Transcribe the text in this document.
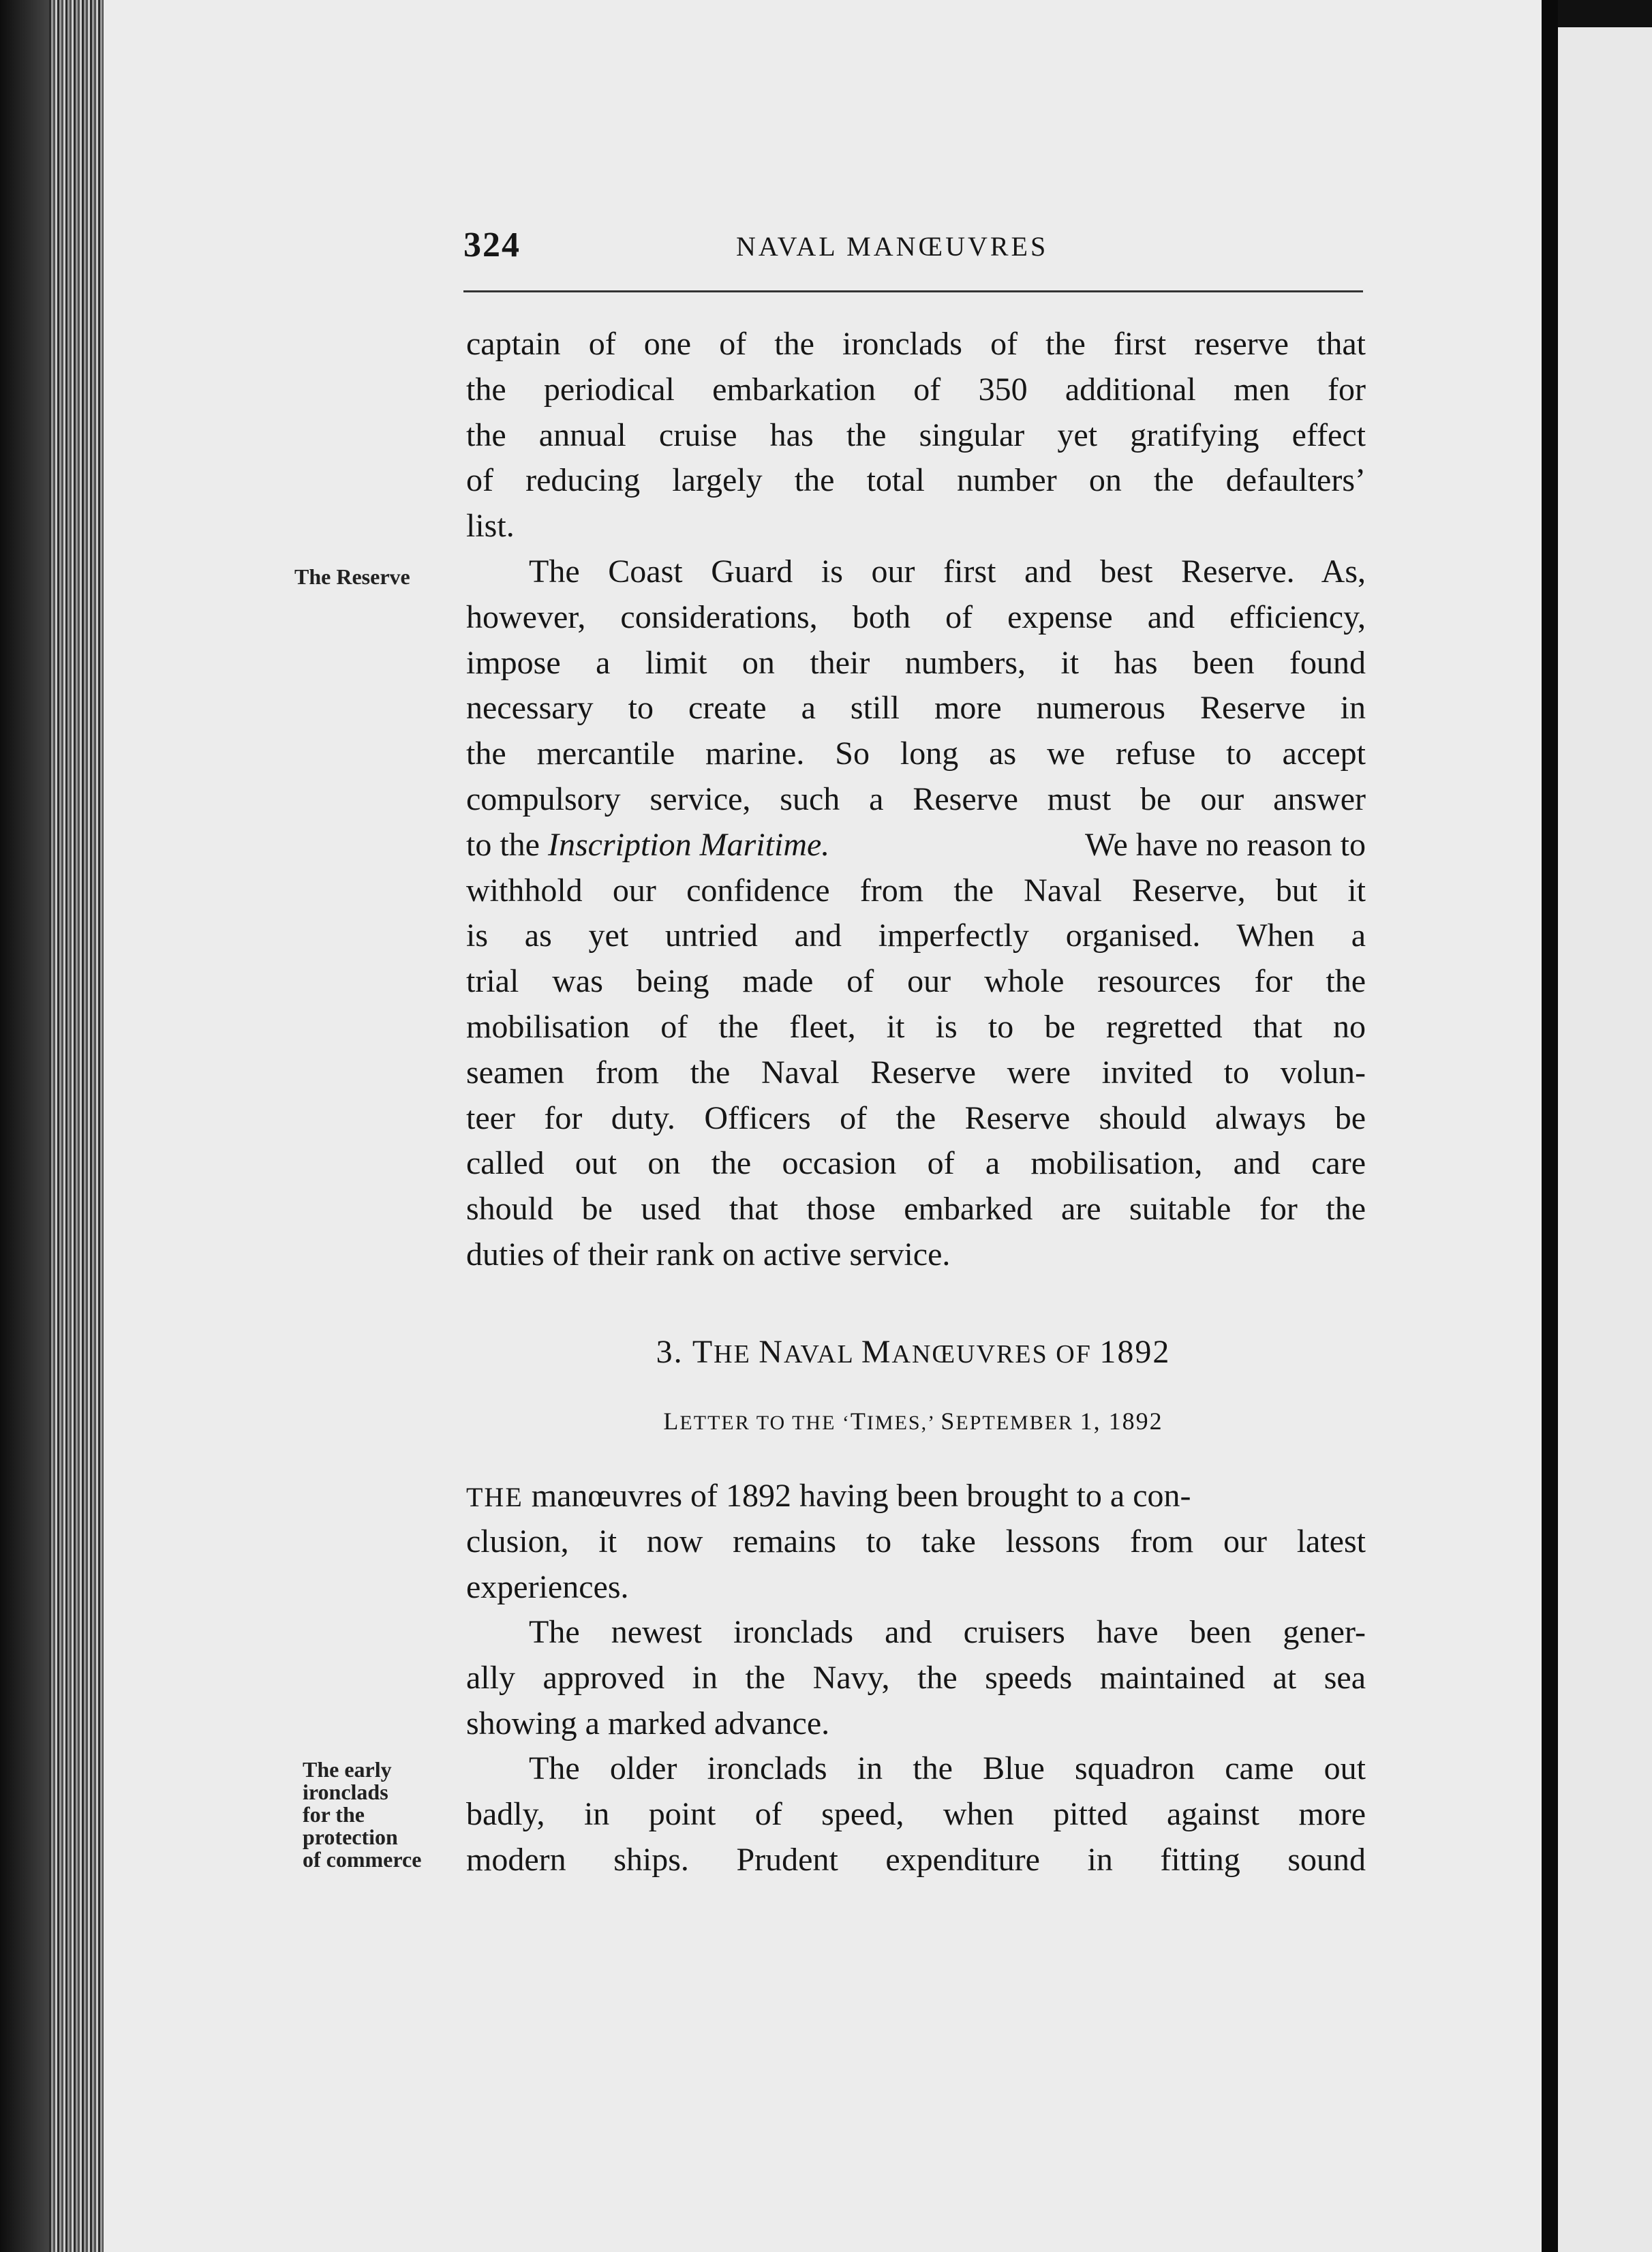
324	NAVAL MANŒUVRES
captain of one of the ironclads of the first reserve that
the periodical embarkation of 350 additional men for
the annual cruise has the singular yet gratifying effect
of reducing largely the total number on the defaulters’
list.
The Reserve	The Coast Guard is our first and best Reserve. As,
however, considerations, both of expense and efficiency,
impose a limit on their numbers, it has been found
necessary to create a still more numerous Reserve in
the mercantile marine. So long as we refuse to accept
compulsory service, such a Reserve must be our answer
to the Inscription Maritime.	We have no reason to
withhold our confidence from the Naval Reserve, but it
is as yet untried and imperfectly organised. When a
trial was being made of our whole resources for the
mobilisation of the fleet, it is to be regretted that no
seamen from the Naval Reserve were invited to volun-
teer for duty. Officers of the Reserve should always be
called out on the occasion of a mobilisation, and care
should be used that those embarked are suitable for the
duties of their rank on active service.
3. THE NAVAL MANŒUVRES OF 1892
LETTER TO THE ‘TIMES,’ SEPTEMBER 1, 1892
THE manœuvres of 1892 having been brought to a con-
clusion, it now remains to take lessons from our latest
experiences.
The newest ironclads and cruisers have been gener-
ally approved in the Navy, the speeds maintained at sea
showing a marked advance.
The early
ironclads
for the
protection
of commerce
The older ironclads in the Blue squadron came out
badly, in point of speed, when pitted against more
modern ships. Prudent expenditure in fitting sound
